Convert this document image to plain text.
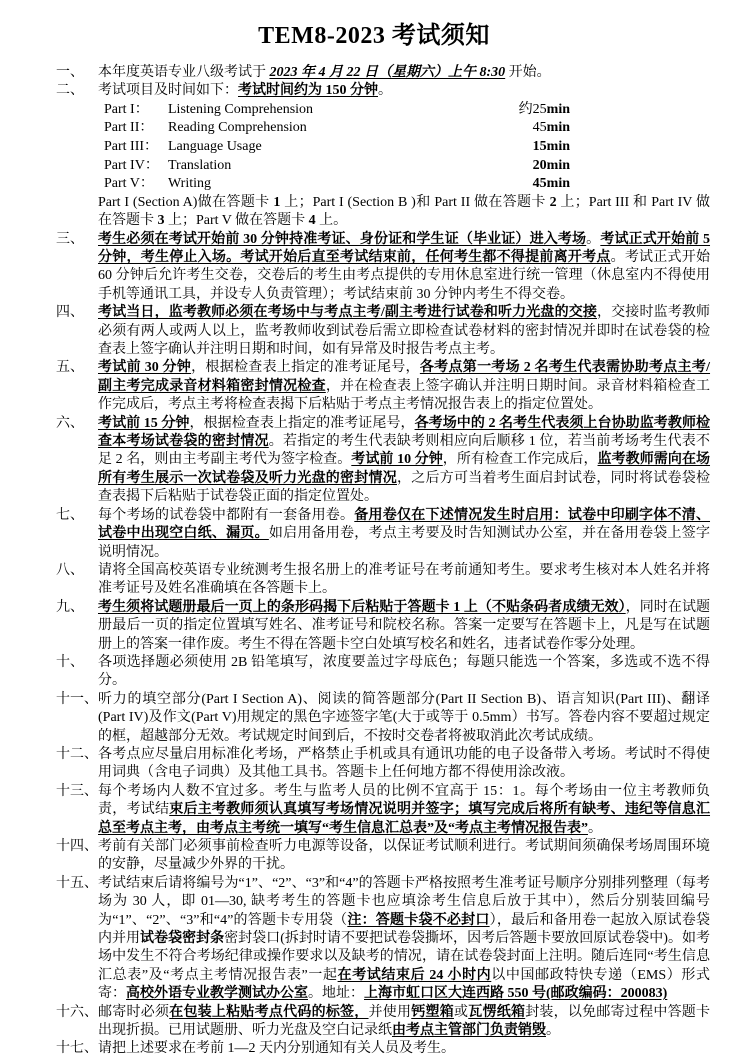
TEM8-2023 考试须知
一、	本年度英语专业八级考试于 2023 年 4 月 22 日（星期六）上午 8:30 开始。
二、	考试项目及时间如下：考试时间约为 150 分钟。
Part I：	Listening Comprehension	约25min
Part II：	Reading Comprehension	45min
Part III： Language Usage	15min
Part IV： Translation	20min
Part V：	Writing	45min
Part I (Section A)做在答题卡 1 上；Part I (Section B )和 Part II 做在答题卡 2 上；Part III 和 Part IV 做在答题卡 3 上；Part V 做在答题卡 4 上。
三、	考生必须在考试开始前 30 分钟持准考证、身份证和学生证（毕业证）进入考场。考试正式开始前 5 分钟，考生停止入场。考试开始后直至考试结束前，任何考生都不得提前离开考点。考试正式开始 60 分钟后允许考生交卷，交卷后的考生由考点提供的专用休息室进行统一管理（休息室内不得使用手机等通讯工具，并设专人负责管理）；考试结束前 30 分钟内考生不得交卷。
四、	考试当日，监考教师必须在考场中与考点主考/副主考进行试卷和听力光盘的交接，交接时监考教师必须有两人或两人以上，监考教师收到试卷后需立即检查试卷材料的密封情况并即时在试卷袋的检查表上签字确认并注明日期和时间，如有异常及时报告考点主考。
五、	考试前 30 分钟，根据检查表上指定的准考证尾号，各考点第一考场 2 名考生代表需协助考点主考/副主考完成录音材料箱密封情况检查，并在检查表上签字确认并注明日期时间。录音材料箱检查工作完成后，考点主考将检查表揭下后粘贴于考点主考情况报告表上的指定位置处。
六、	考试前 15 分钟，根据检查表上指定的准考证尾号，各考场中的 2 名考生代表须上台协助监考教师检查本考场试卷袋的密封情况。若指定的考生代表缺考则相应向后顺移 1 位，若当前考场考生代表不足 2 名，则由主考副主考代为签字检查。考试前 10 分钟，所有检查工作完成后，监考教师需向在场所有考生展示一次试卷袋及听力光盘的密封情况，之后方可当着考生面启封试卷，同时将试卷袋检查表揭下后粘贴于试卷袋正面的指定位置处。
七、	每个考场的试卷袋中都附有一套备用卷。备用卷仅在下述情况发生时启用：试卷中印刷字体不清、试卷中出现空白纸、漏页。如启用备用卷，考点主考要及时告知测试办公室，并在备用卷袋上签字说明情况。
八、	请将全国高校英语专业统测考生报名册上的准考证号在考前通知考生。要求考生核对本人姓名并将准考证号及姓名准确填在各答题卡上。
九、	考生须将试题册最后一页上的条形码揭下后粘贴于答题卡 1 上（不贴条码者成绩无效），同时在试题册最后一页的指定位置填写姓名、准考证号和院校名称。答案一定要写在答题卡上，凡是写在试题册上的答案一律作废。考生不得在答题卡空白处填写校名和姓名，违者试卷作零分处理。
十、	各项选择题必须使用 2B 铅笔填写，浓度要盖过字母底色；每题只能选一个答案，多选或不选不得分。
十一、 听力的填空部分(Part I Section A)、阅读的简答题部分(Part II Section B)、语言知识(Part III)、翻译(Part IV)及作文(Part V)用规定的黑色字迹签字笔(大于或等于 0.5mm）书写。答卷内容不要超过规定的框，超越部分无效。考试规定时间到后，不按时交卷者将被取消此次考试成绩。
十二、 各考点应尽量启用标准化考场，严格禁止手机或具有通讯功能的电子设备带入考场。考试时不得使用词典（含电子词典）及其他工具书。答题卡上任何地方都不得使用涂改液。
十三、 每个考场内人数不宜过多。考生与监考人员的比例不宜高于 15：1。每个考场由一位主考教师负责，考试结束后主考教师须认真填写考场情况说明并签字；填写完成后将所有缺考、违纪等信息汇总至考点主考，由考点主考统一填写“考生信息汇总表”及“考点主考情况报告表”。
十四、 考前有关部门必须事前检查听力电源等设备，以保证考试顺利进行。考试期间须确保考场周围环境的安静，尽量减少外界的干扰。
十五、 考试结束后请将编号为“1”、“2”、“3”和“4”的答题卡严格按照考生准考证号顺序分别排列整理（每考场为 30 人，即 01—30, 缺考考生的答题卡也应填涂考生信息后放于其中），然后分别装回编号为“1”、“2”、“3”和“4”的答题卡专用袋（注：答题卡袋不必封口），最后和备用卷一起放入原试卷袋内并用试卷袋密封条密封袋口(拆封时请不要把试卷袋撕坏，因考后答题卡要放回原试卷袋中)。如考场中发生不符合考场纪律或操作要求以及缺考的情况，请在试卷袋封面上注明。随后连同“考生信息汇总表”及“考点主考情况报告表”一起在考试结束后 24 小时内以中国邮政特快专递（EMS）形式寄：高校外语专业教学测试办公室。地址：上海市虹口区大连西路 550 号(邮政编码：200083)
十六、 邮寄时必须在包装上粘贴考点代码的标签，并使用钙塑箱或瓦愣纸箱封装，以免邮寄过程中答题卡出现折损。已用试题册、听力光盘及空白记录纸由考点主管部门负责销毁。
十七、 请把上述要求在考前 1—2 天内分别通知有关人员及考生。
